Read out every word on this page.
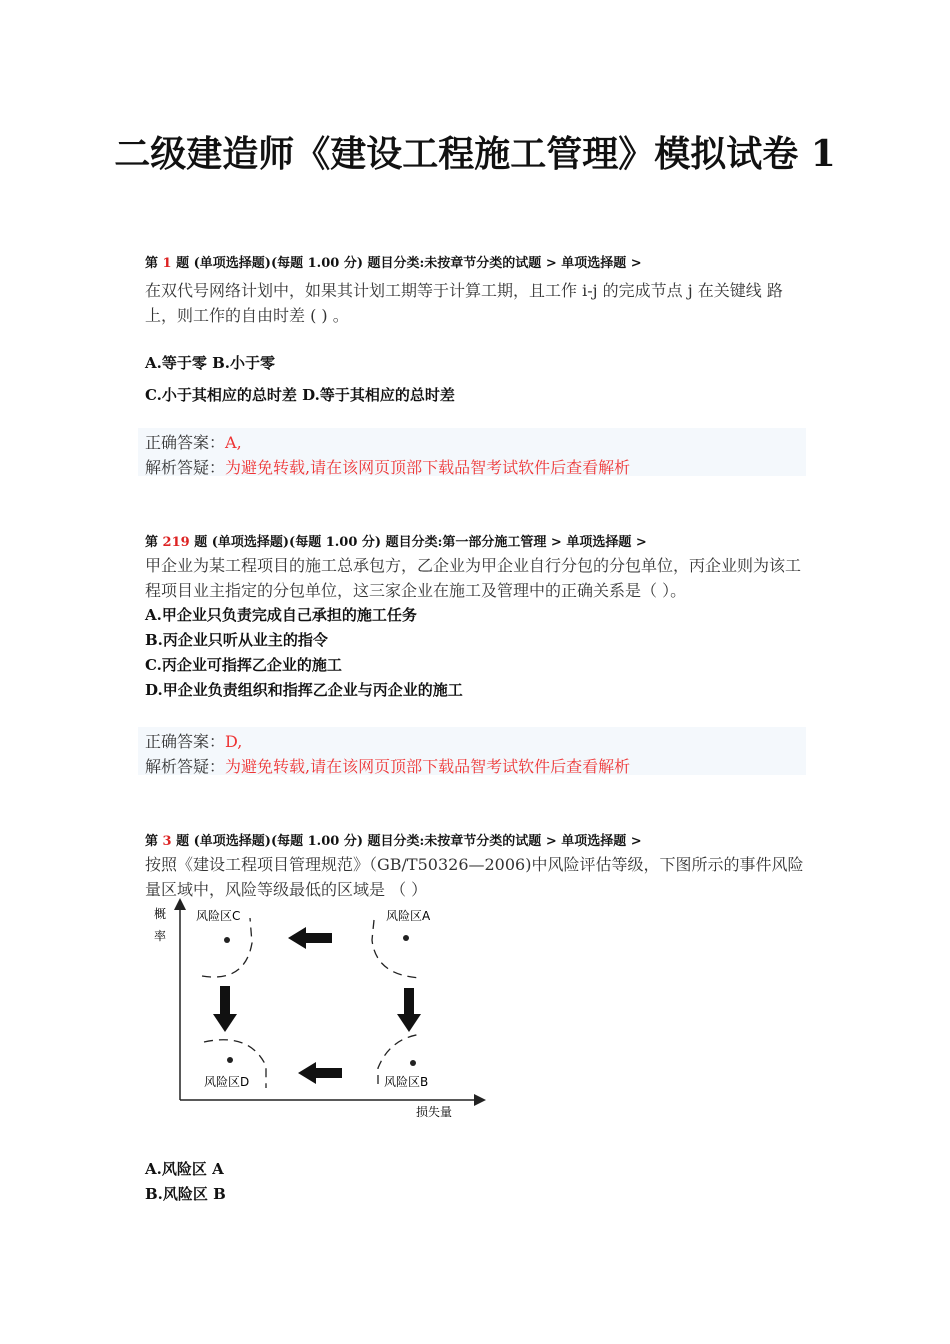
二级建造师《建设工程施工管理》模拟试卷 1
第 1 题 (单项选择题)(每题 1.00 分) 题目分类:未按章节分类的试题 > 单项选择题 >
在双代号网络计划中，如果其计划工期等于计算工期，且工作 i-j 的完成节点 j 在关键线 路上，则工作的自由时差 ( ) 。
A.等于零 B.小于零
C.小于其相应的总时差 D.等于其相应的总时差
正确答案：A,
解析答疑：为避免转载,请在该网页顶部下载品智考试软件后查看解析
第 219 题 (单项选择题)(每题 1.00 分) 题目分类:第一部分施工管理 > 单项选择题 >
甲企业为某工程项目的施工总承包方，乙企业为甲企业自行分包的分包单位，丙企业则为该工程项目业主指定的分包单位，这三家企业在施工及管理中的正确关系是（ ）。
A.甲企业只负责完成自己承担的施工任务
B.丙企业只听从业主的指令
C.丙企业可指挥乙企业的施工
D.甲企业负责组织和指挥乙企业与丙企业的施工
正确答案：D,
解析答疑：为避免转载,请在该网页顶部下载品智考试软件后查看解析
第 3 题 (单项选择题)(每题 1.00 分) 题目分类:未按章节分类的试题 > 单项选择题 >
按照《建设工程项目管理规范》（GB/T50326—2006)中风险评估等级，下图所示的事件风险量区域中，风险等级最低的区域是 （ ）
概
率
损失量
风险区C	风险区A
风险区D	风险区B
A.风险区 A
B.风险区 B
